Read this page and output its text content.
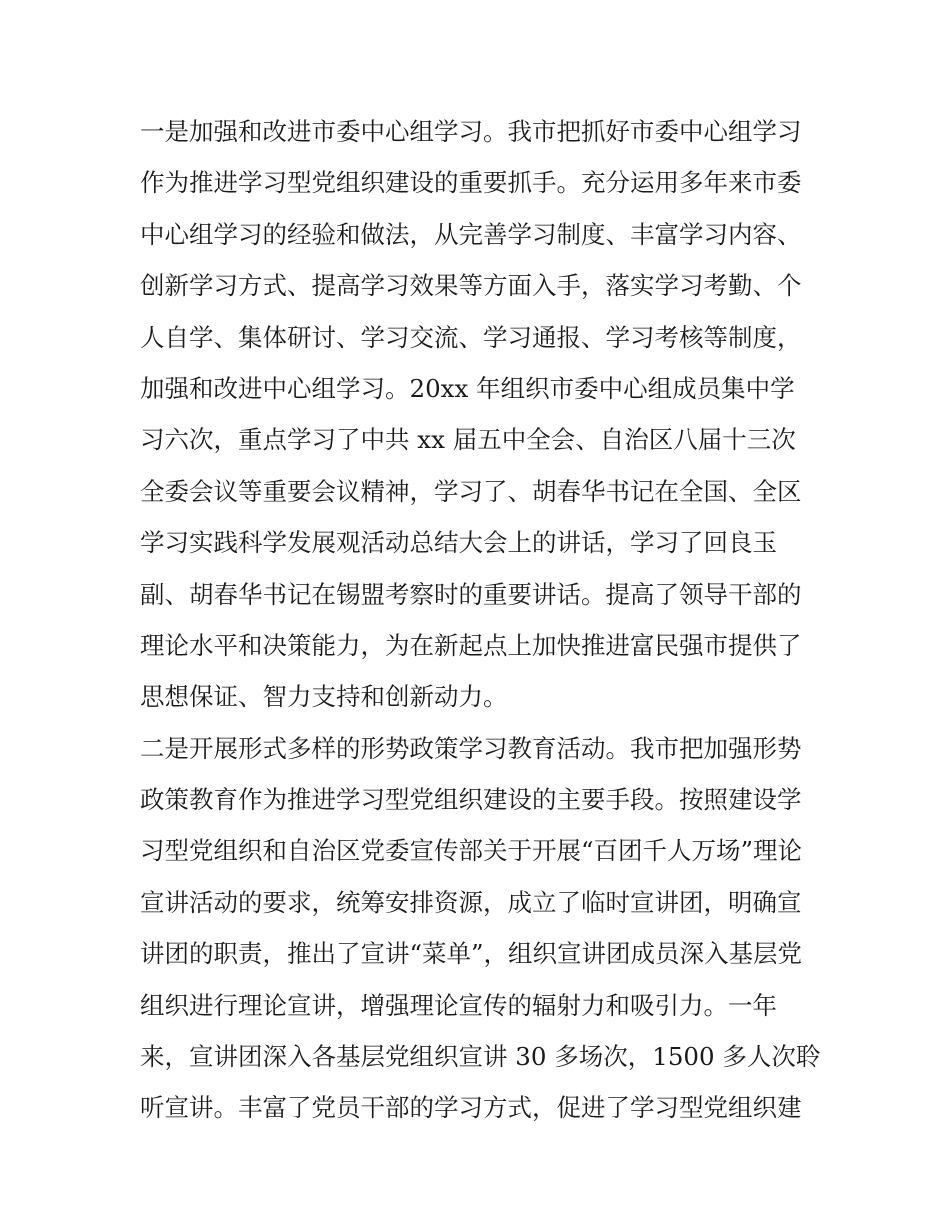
一是加强和改进市委中心组学习。我市把抓好市委中心组学习
作为推进学习型党组织建设的重要抓手。充分运用多年来市委
中心组学习的经验和做法，从完善学习制度、丰富学习内容、
创新学习方式、提高学习效果等方面入手，落实学习考勤、个
人自学、集体研讨、学习交流、学习通报、学习考核等制度，
加强和改进中心组学习。20xx 年组织市委中心组成员集中学
习六次，重点学习了中共 xx 届五中全会、自治区八届十三次
全委会议等重要会议精神，学习了、胡春华书记在全国、全区
学习实践科学发展观活动总结大会上的讲话，学习了回良玉
副、胡春华书记在锡盟考察时的重要讲话。提高了领导干部的
理论水平和决策能力，为在新起点上加快推进富民强市提供了
思想保证、智力支持和创新动力。
二是开展形式多样的形势政策学习教育活动。我市把加强形势
政策教育作为推进学习型党组织建设的主要手段。按照建设学
习型党组织和自治区党委宣传部关于开展“百团千人万场”理论
宣讲活动的要求，统筹安排资源，成立了临时宣讲团，明确宣
讲团的职责，推出了宣讲“菜单”，组织宣讲团成员深入基层党
组织进行理论宣讲，增强理论宣传的辐射力和吸引力。一年
来，宣讲团深入各基层党组织宣讲 30 多场次，1500 多人次聆
听宣讲。丰富了党员干部的学习方式，促进了学习型党组织建
